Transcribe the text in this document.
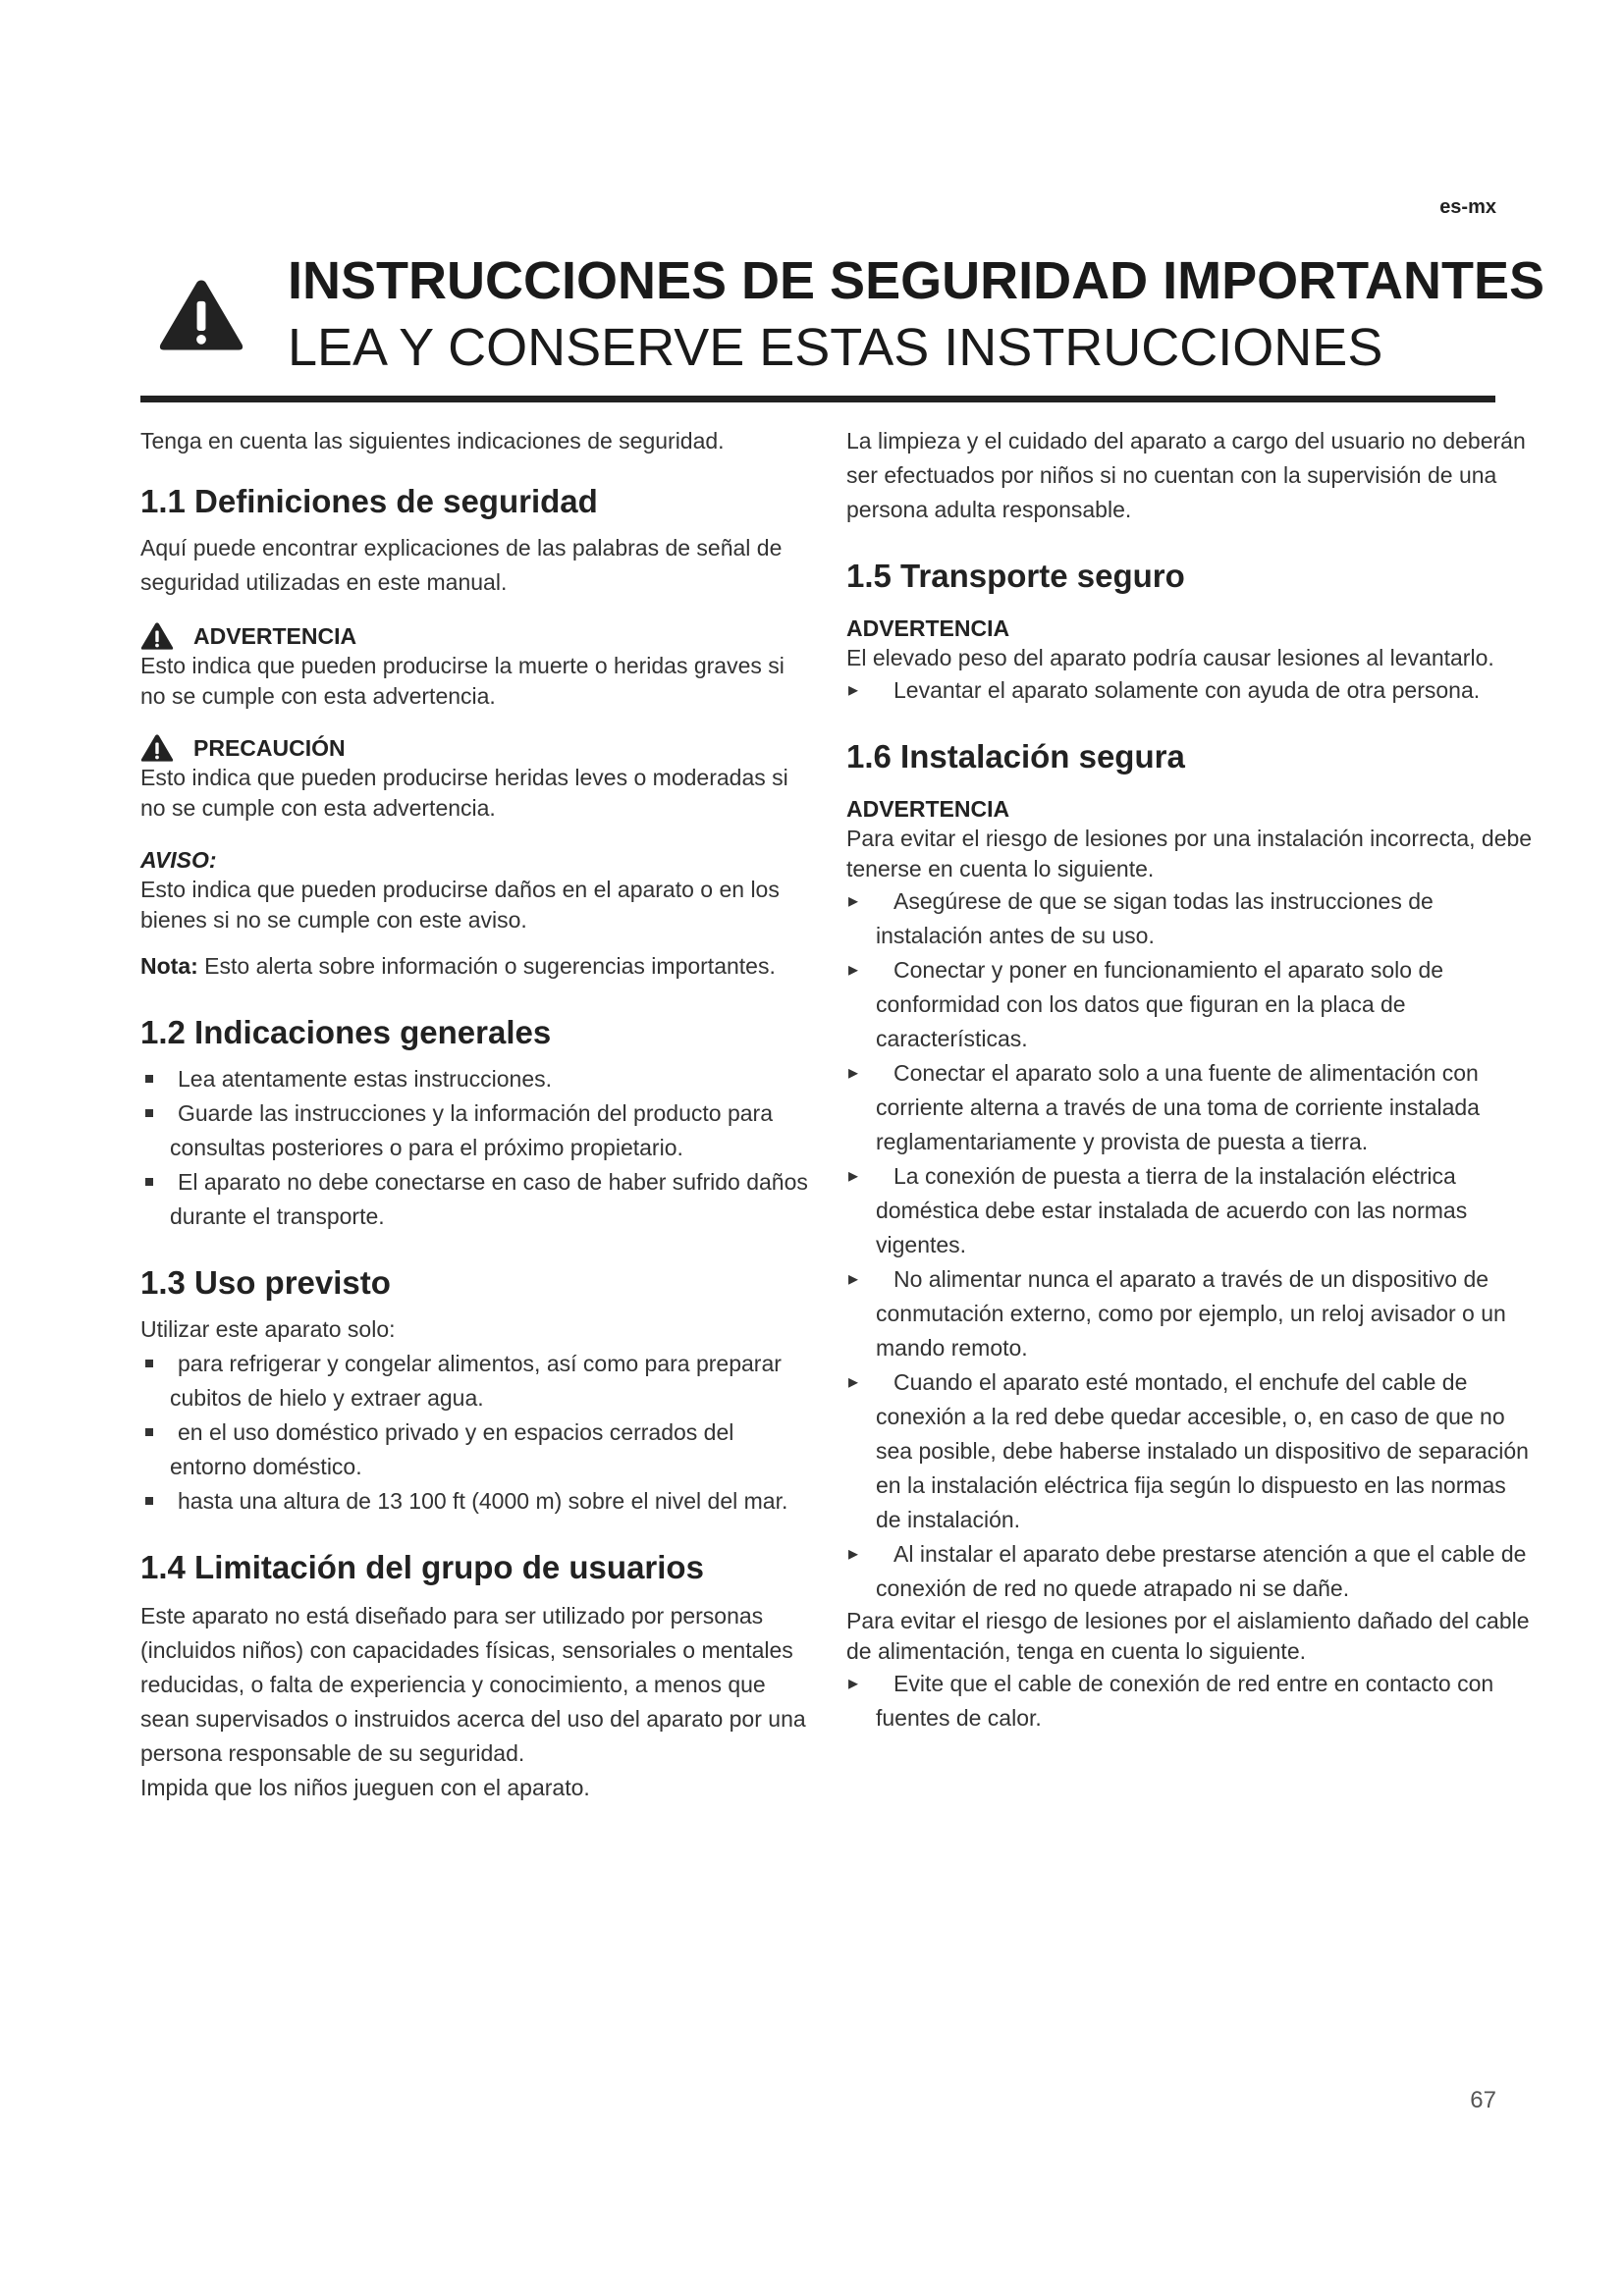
es-mx
INSTRUCCIONES DE SEGURIDAD IMPORTANTES
LEA Y CONSERVE ESTAS INSTRUCCIONES

Tenga en cuenta las siguientes indicaciones de seguridad.

1.1 Definiciones de seguridad

Aquí puede encontrar explicaciones de las palabras de señal de seguridad utilizadas en este manual.

ADVERTENCIA

Esto indica que pueden producirse la muerte o heridas graves si no se cumple con esta advertencia.

PRECAUCIÓN

Esto indica que pueden producirse heridas leves o moderadas si no se cumple con esta advertencia.

AVISO:

Esto indica que pueden producirse daños en el aparato o en los bienes si no se cumple con este aviso.

Nota: Esto alerta sobre información o sugerencias importantes.

1.2 Indicaciones generales
Lea atentamente estas instrucciones.
Guarde las instrucciones y la información del producto para consultas posteriores o para el próximo propietario.
El aparato no debe conectarse en caso de haber sufrido daños durante el transporte.
1.3 Uso previsto

Utilizar este aparato solo:

para refrigerar y congelar alimentos, así como para preparar cubitos de hielo y extraer agua.
en el uso doméstico privado y en espacios cerrados del entorno doméstico.
hasta una altura de 13 100 ft (4000 m) sobre el nivel del mar.
1.4 Limitación del grupo de usuarios

Este aparato no está diseñado para ser utilizado por personas (incluidos niños) con capacidades físicas, sensoriales o mentales reducidas, o falta de experiencia y conocimiento, a menos que sean supervisados o instruidos acerca del uso del aparato por una persona responsable de su seguridad.

Impida que los niños jueguen con el aparato.

La limpieza y el cuidado del aparato a cargo del usuario no deberán ser efectuados por niños si no cuentan con la supervisión de una persona adulta responsable.

1.5 Transporte seguro
ADVERTENCIA

El elevado peso del aparato podría causar lesiones al levantarlo.

▸ Levantar el aparato solamente con ayuda de otra persona.
1.6 Instalación segura
ADVERTENCIA

Para evitar el riesgo de lesiones por una instalación incorrecta, debe tenerse en cuenta lo siguiente.

▸ Asegúrese de que se sigan todas las instrucciones de instalación antes de su uso.
▸ Conectar y poner en funcionamiento el aparato solo de conformidad con los datos que figuran en la placa de características.
▸ Conectar el aparato solo a una fuente de alimentación con corriente alterna a través de una toma de corriente instalada reglamentariamente y provista de puesta a tierra.
▸ La conexión de puesta a tierra de la instalación eléctrica doméstica debe estar instalada de acuerdo con las normas vigentes.
▸ No alimentar nunca el aparato a través de un dispositivo de conmutación externo, como por ejemplo, un reloj avisador o un mando remoto.
▸ Cuando el aparato esté montado, el enchufe del cable de conexión a la red debe quedar accesible, o, en caso de que no sea posible, debe haberse instalado un dispositivo de separación en la instalación eléctrica fija según lo dispuesto en las normas de instalación.
▸ Al instalar el aparato debe prestarse atención a que el cable de conexión de red no quede atrapado ni se dañe.

Para evitar el riesgo de lesiones por el aislamiento dañado del cable de alimentación, tenga en cuenta lo siguiente.

▸ Evite que el cable de conexión de red entre en contacto con fuentes de calor.
67
